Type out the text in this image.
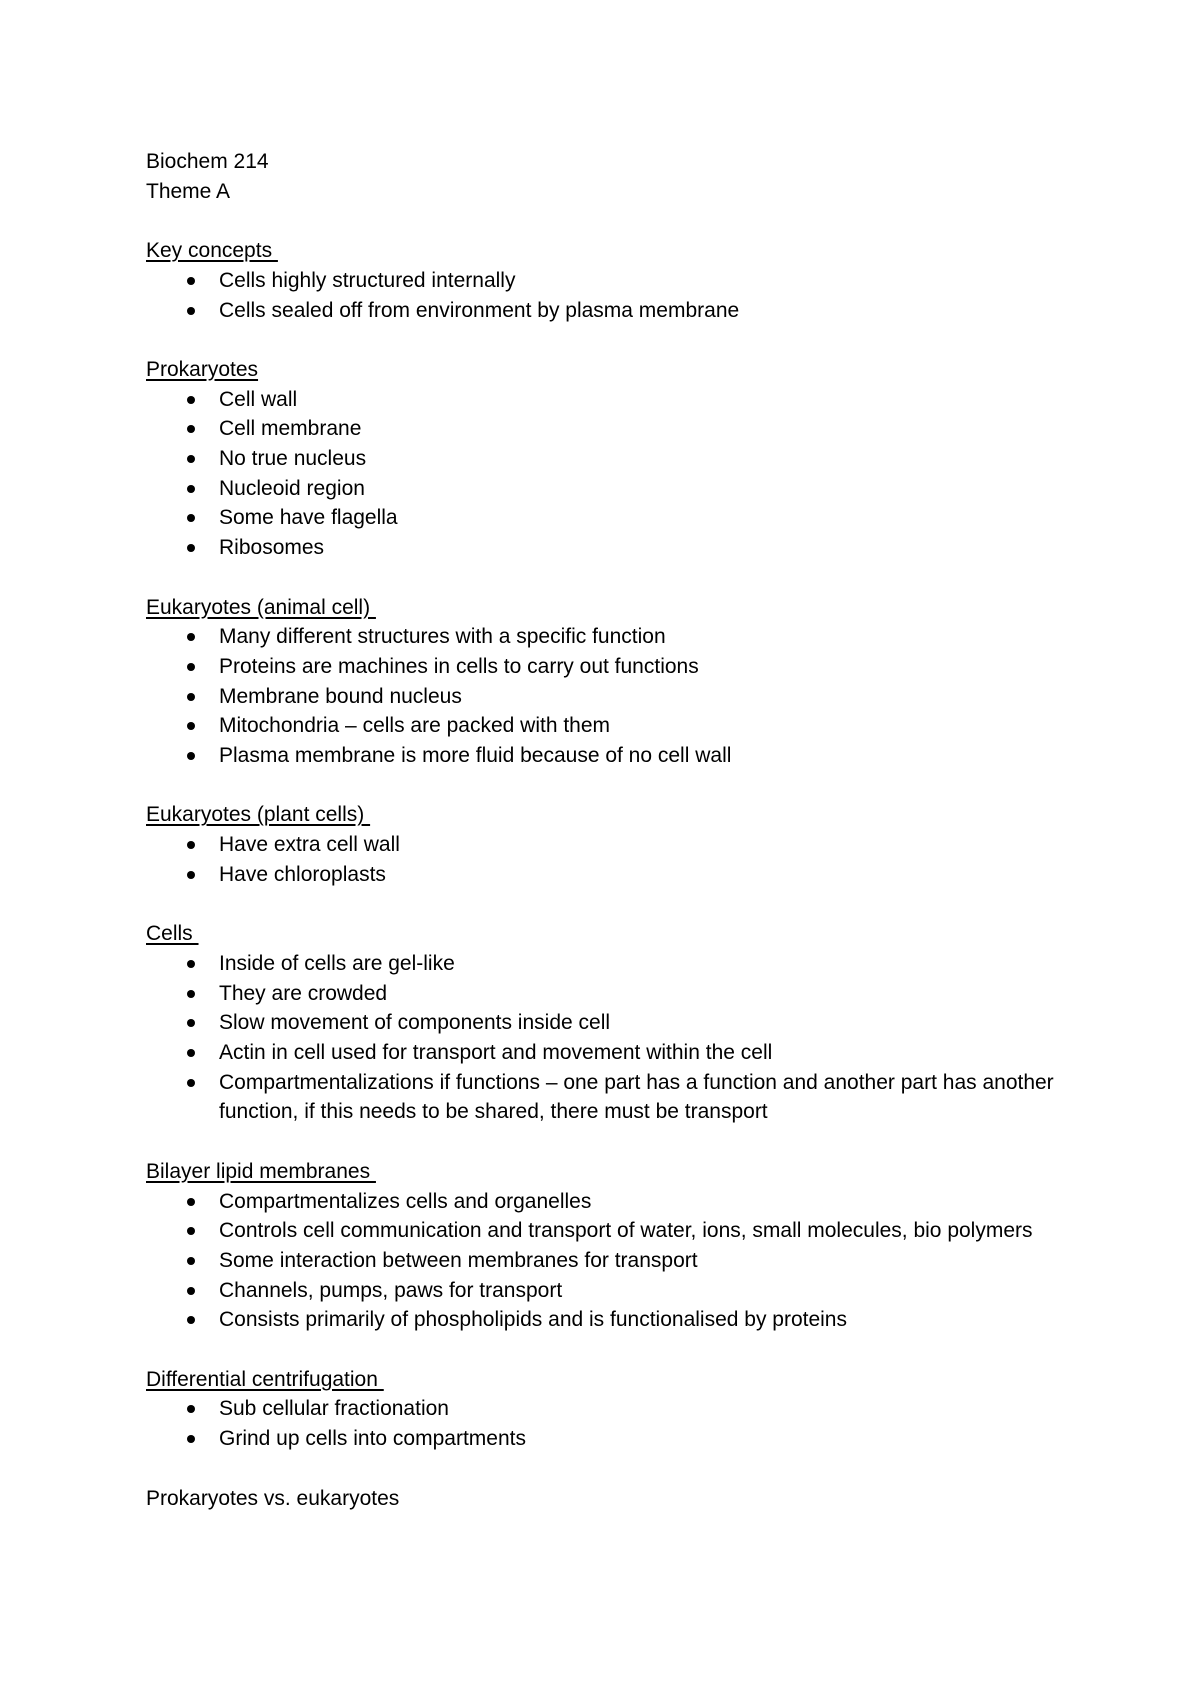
Biochem 214

Theme A

Key concepts

Cells highly structured internally
Cells sealed off from environment by plasma membrane

Prokaryotes

Cell wall
Cell membrane
No true nucleus
Nucleoid region
Some have flagella
Ribosomes

Eukaryotes (animal cell)

Many different structures with a specific function
Proteins are machines in cells to carry out functions
Membrane bound nucleus
Mitochondria – cells are packed with them
Plasma membrane is more fluid because of no cell wall

Eukaryotes (plant cells)

Have extra cell wall
Have chloroplasts

Cells

Inside of cells are gel-like
They are crowded
Slow movement of components inside cell
Actin in cell used for transport and movement within the cell
Compartmentalizations if functions – one part has a function and another part has another function, if this needs to be shared, there must be transport

Bilayer lipid membranes

Compartmentalizes cells and organelles
Controls cell communication and transport of water, ions, small molecules, bio polymers
Some interaction between membranes for transport
Channels, pumps, paws for transport
Consists primarily of phospholipids and is functionalised by proteins

Differential centrifugation

Sub cellular fractionation
Grind up cells into compartments

Prokaryotes vs. eukaryotes
